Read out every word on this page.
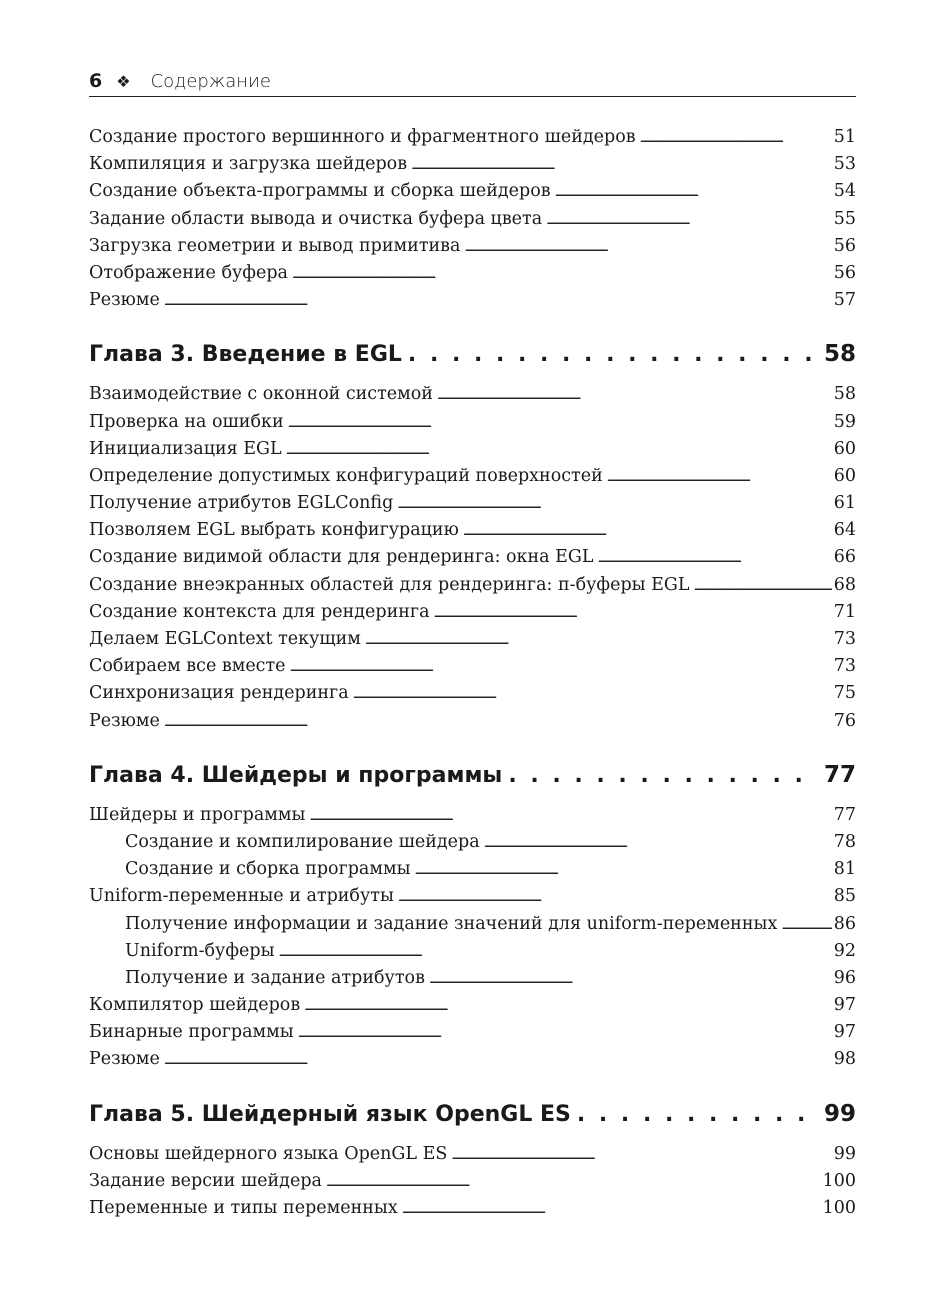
6 ❖ Содержание
Создание простого вершинного и фрагментного шейдеров . . .	51
Компиляция и загрузка шейдеров . . .	53
Создание объекта-программы и сборка шейдеров . . .	54
Задание области вывода и очистка буфера цвета . . .	55
Загрузка геометрии и вывод примитива . . .	56
Отображение буфера . . .	56
Резюме . . .	57
Глава 3. Введение в EGL . . .	58
Взаимодействие с оконной системой . . .	58
Проверка на ошибки . . .	59
Инициализация EGL . . .	60
Определение допустимых конфигураций поверхностей . . .	60
Получение атрибутов EGLConfig . . .	61
Позволяем EGL выбрать конфигурацию . . .	64
Создание видимой области для рендеринга: окна EGL . . .	66
Создание внеэкранных областей для рендеринга: п-буферы EGL . . .	68
Создание контекста для рендеринга . . .	71
Делаем EGLContext текущим . . .	73
Собираем все вместе . . .	73
Синхронизация рендеринга . . .	75
Резюме . . .	76
Глава 4. Шейдеры и программы . . .	77
Шейдеры и программы . . .	77
Создание и компилирование шейдера . . .	78
Создание и сборка программы . . .	81
Uniform-переменные и атрибуты . . .	85
Получение информации и задание значений для uniform-переменных . . .	86
Uniform-буферы . . .	92
Получение и задание атрибутов . . .	96
Компилятор шейдеров . . .	97
Бинарные программы . . .	97
Резюме . . .	98
Глава 5. Шейдерный язык OpenGL ES . . .	99
Основы шейдерного языка OpenGL ES . . .	99
Задание версии шейдера . . .	100
Переменные и типы переменных . . .	100
